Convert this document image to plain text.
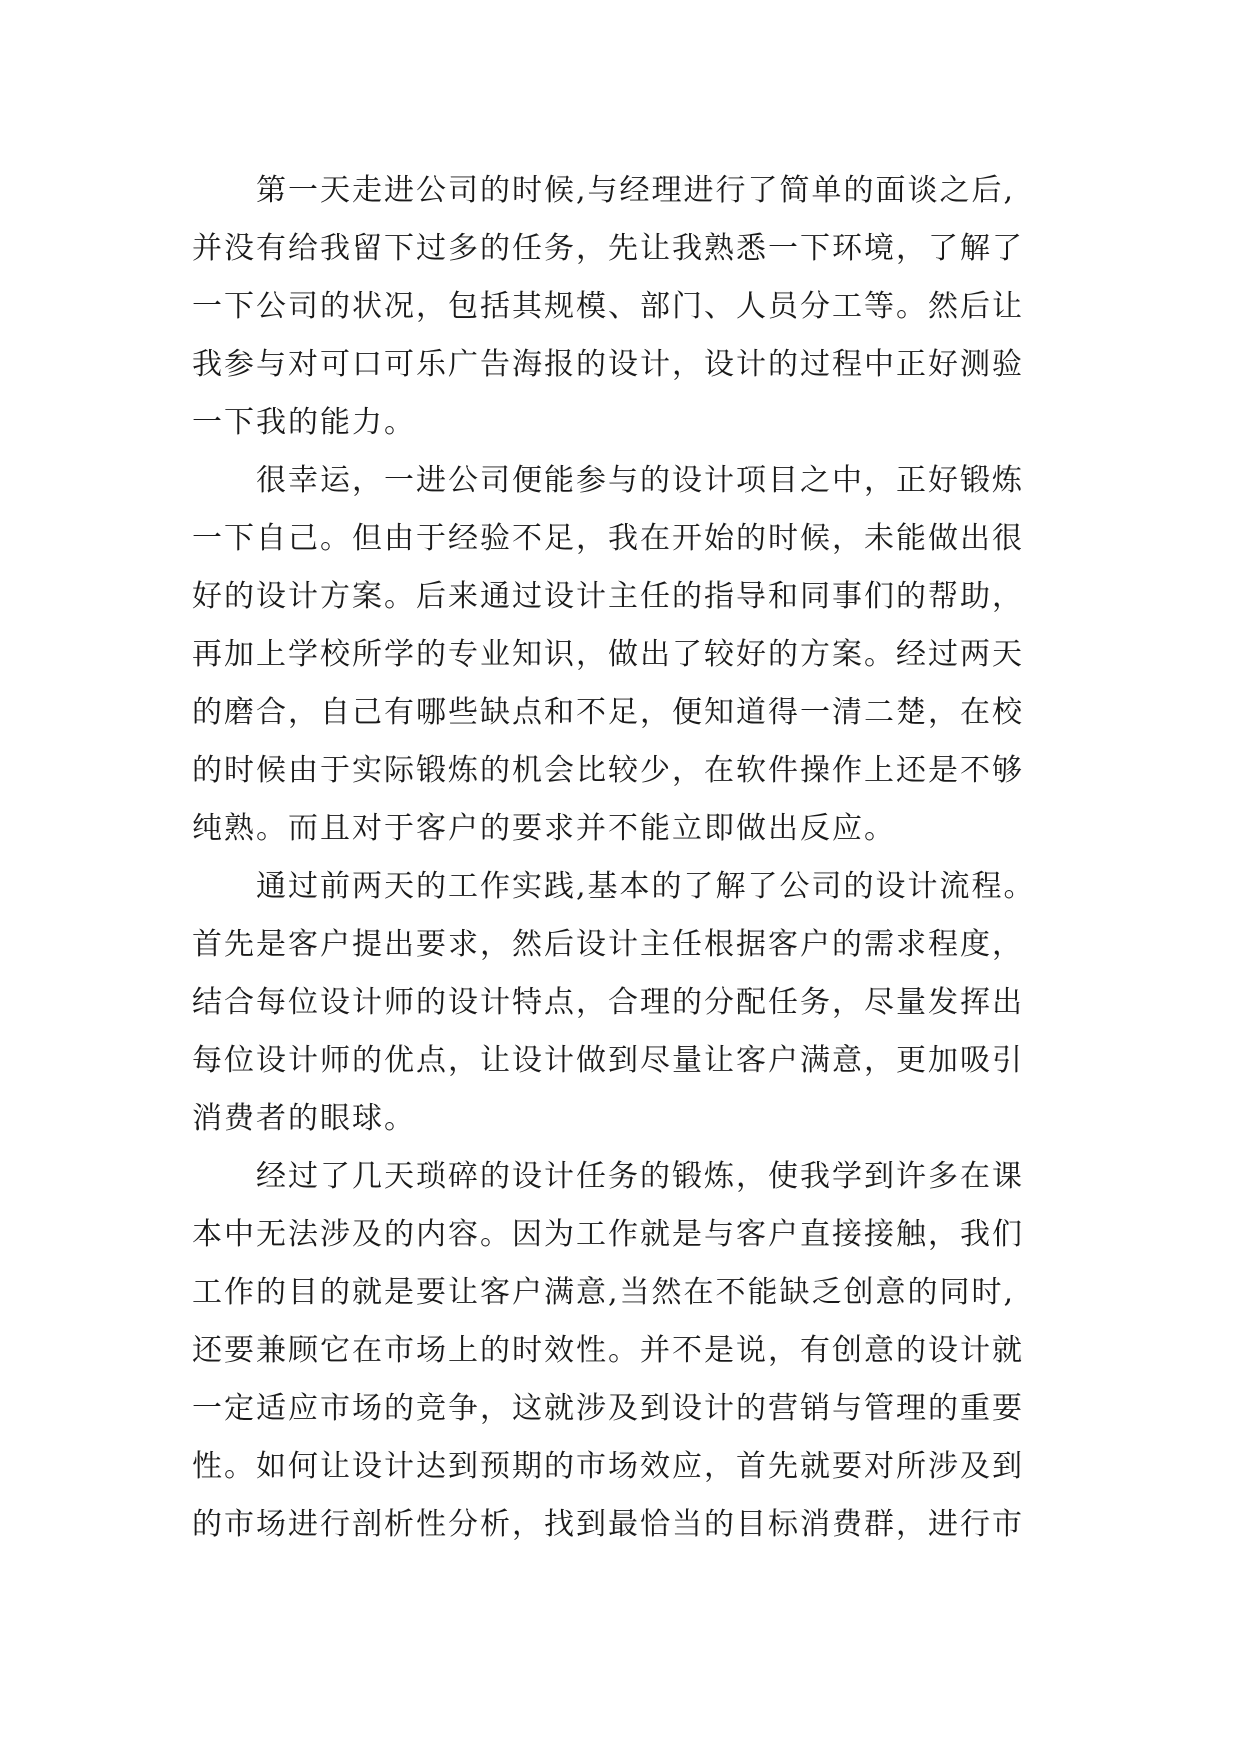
第一天走进公司的时候,与经理进行了简单的面谈之后,
并没有给我留下过多的任务，先让我熟悉一下环境，了解了
一下公司的状况，包括其规模、部门、人员分工等。然后让
我参与对可口可乐广告海报的设计，设计的过程中正好测验
一下我的能力。
很幸运，一进公司便能参与的设计项目之中，正好锻炼
一下自己。但由于经验不足，我在开始的时候，未能做出很
好的设计方案。后来通过设计主任的指导和同事们的帮助，
再加上学校所学的专业知识，做出了较好的方案。经过两天
的磨合，自己有哪些缺点和不足，便知道得一清二楚，在校
的时候由于实际锻炼的机会比较少，在软件操作上还是不够
纯熟。而且对于客户的要求并不能立即做出反应。
通过前两天的工作实践,基本的了解了公司的设计流程。
首先是客户提出要求，然后设计主任根据客户的需求程度，
结合每位设计师的设计特点，合理的分配任务，尽量发挥出
每位设计师的优点，让设计做到尽量让客户满意，更加吸引
消费者的眼球。
经过了几天琐碎的设计任务的锻炼，使我学到许多在课
本中无法涉及的内容。因为工作就是与客户直接接触，我们
工作的目的就是要让客户满意,当然在不能缺乏创意的同时,
还要兼顾它在市场上的时效性。并不是说，有创意的设计就
一定适应市场的竞争，这就涉及到设计的营销与管理的重要
性。如何让设计达到预期的市场效应，首先就要对所涉及到
的市场进行剖析性分析，找到最恰当的目标消费群，进行市
